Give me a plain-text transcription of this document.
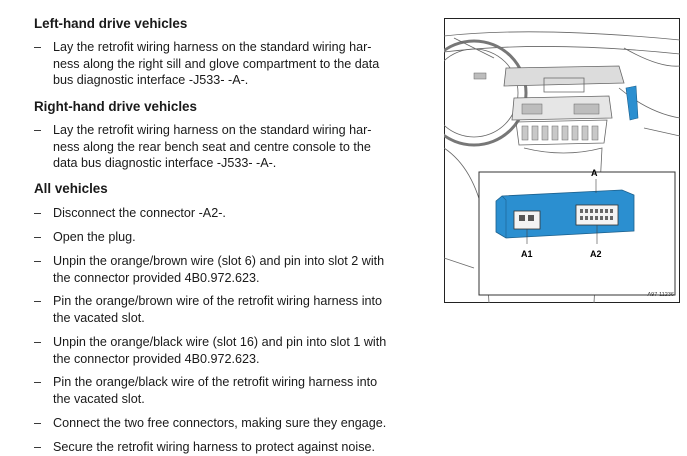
Left-hand drive vehicles
– Lay the retrofit wiring harness on the standard wiring har-
ness along the right sill and glove compartment to the data
bus diagnostic interface -J533- -A-.
Right-hand drive vehicles
– Lay the retrofit wiring harness on the standard wiring har-
ness along the rear bench seat and centre console to the
data bus diagnostic interface -J533- -A-.
All vehicles
– Disconnect the connector -A2-.
– Open the plug.
– Unpin the orange/brown wire (slot 6) and pin into slot 2 with
the connector provided 4B0.972.623.
– Pin the orange/brown wire of the retrofit wiring harness into
the vacated slot.
– Unpin the orange/black wire (slot 16) and pin into slot 1 with
the connector provided 4B0.972.623.
– Pin the orange/black wire of the retrofit wiring harness into
the vacated slot.
– Connect the two free connectors, making sure they engage.
– Secure the retrofit wiring harness to protect against noise.
A
A1	A2
A97-11236
